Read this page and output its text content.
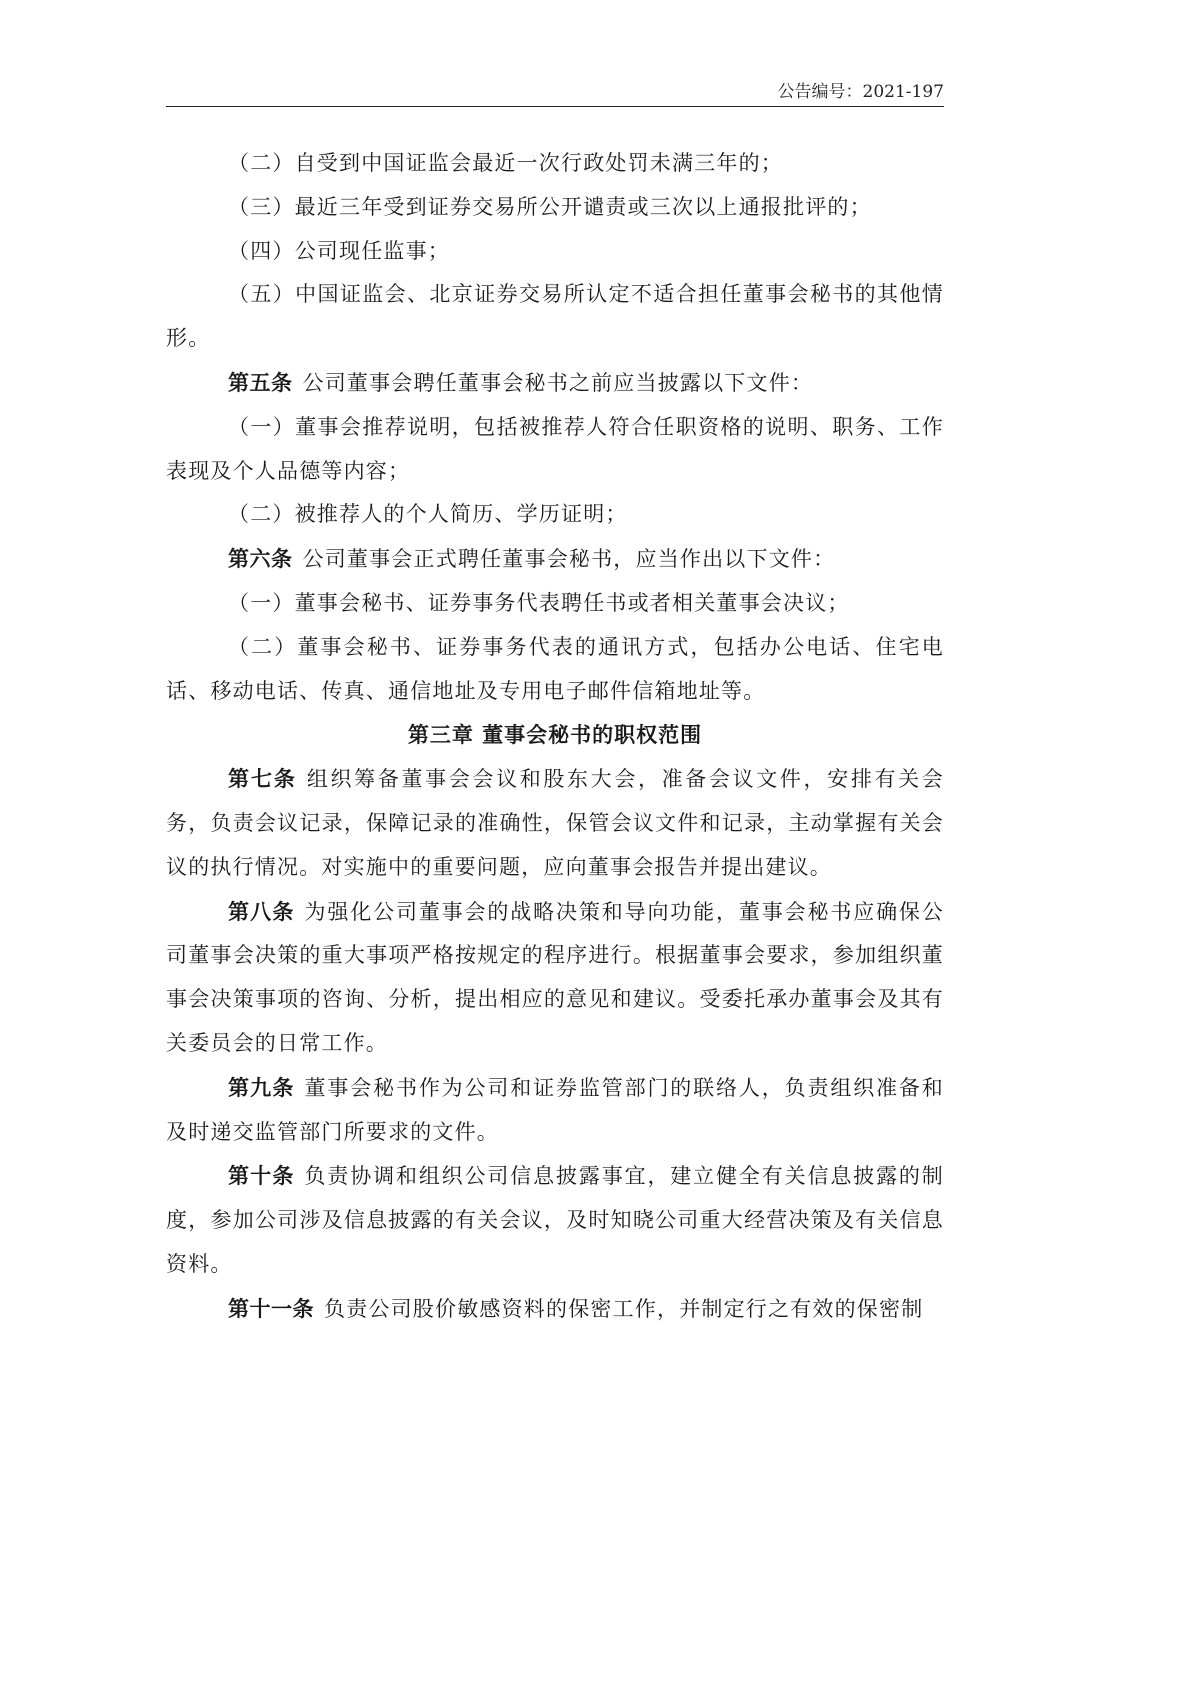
公告编号：2021-197

（二）自受到中国证监会最近一次行政处罚未满三年的；

（三）最近三年受到证券交易所公开谴责或三次以上通报批评的；

（四）公司现任监事；

（五）中国证监会、北京证券交易所认定不适合担任董事会秘书的其他情形。

第五条 公司董事会聘任董事会秘书之前应当披露以下文件：

（一）董事会推荐说明，包括被推荐人符合任职资格的说明、职务、工作表现及个人品德等内容；

（二）被推荐人的个人简历、学历证明；

第六条 公司董事会正式聘任董事会秘书，应当作出以下文件：

（一）董事会秘书、证券事务代表聘任书或者相关董事会决议；

（二）董事会秘书、证券事务代表的通讯方式，包括办公电话、住宅电话、移动电话、传真、通信地址及专用电子邮件信箱地址等。

第三章 董事会秘书的职权范围

第七条 组织筹备董事会会议和股东大会，准备会议文件，安排有关会务，负责会议记录，保障记录的准确性，保管会议文件和记录，主动掌握有关会议的执行情况。对实施中的重要问题，应向董事会报告并提出建议。

第八条 为强化公司董事会的战略决策和导向功能，董事会秘书应确保公司董事会决策的重大事项严格按规定的程序进行。根据董事会要求，参加组织董事会决策事项的咨询、分析，提出相应的意见和建议。受委托承办董事会及其有关委员会的日常工作。

第九条 董事会秘书作为公司和证券监管部门的联络人，负责组织准备和及时递交监管部门所要求的文件。

第十条 负责协调和组织公司信息披露事宜，建立健全有关信息披露的制度，参加公司涉及信息披露的有关会议，及时知晓公司重大经营决策及有关信息资料。

第十一条 负责公司股价敏感资料的保密工作，并制定行之有效的保密制
